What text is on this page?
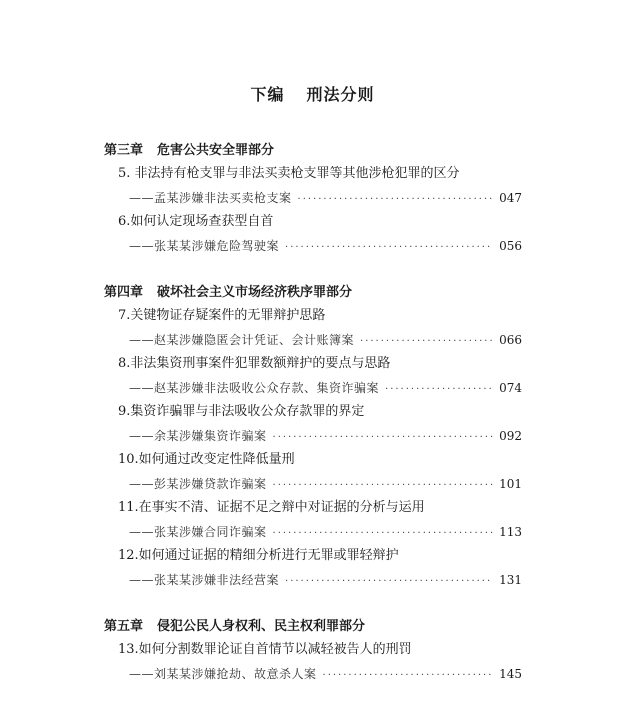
下编 刑法分则
第三章 危害公共安全罪部分
5. 非法持有枪支罪与非法买卖枪支罪等其他涉枪犯罪的区分
——孟某涉嫌非法买卖枪支案 ·····	047
6.如何认定现场查获型自首
——张某某涉嫌危险驾驶案 ·····	056
第四章 破坏社会主义市场经济秩序罪部分
7.关键物证存疑案件的无罪辩护思路
——赵某涉嫌隐匿会计凭证、会计账簿案 ·····	066
8.非法集资刑事案件犯罪数额辩护的要点与思路
——赵某涉嫌非法吸收公众存款、集资诈骗案 ·····	074
9.集资诈骗罪与非法吸收公众存款罪的界定
——余某涉嫌集资诈骗案 ·····	092
10.如何通过改变定性降低量刑
——彭某涉嫌贷款诈骗案 ·····	101
11.在事实不清、证据不足之辩中对证据的分析与运用
——张某涉嫌合同诈骗案 ·····	113
12.如何通过证据的精细分析进行无罪或罪轻辩护
——张某某涉嫌非法经营案 ·····	131
第五章 侵犯公民人身权利、民主权利罪部分
13.如何分割数罪论证自首情节以减轻被告人的刑罚
——刘某某涉嫌抢劫、故意杀人案 ·····	145
